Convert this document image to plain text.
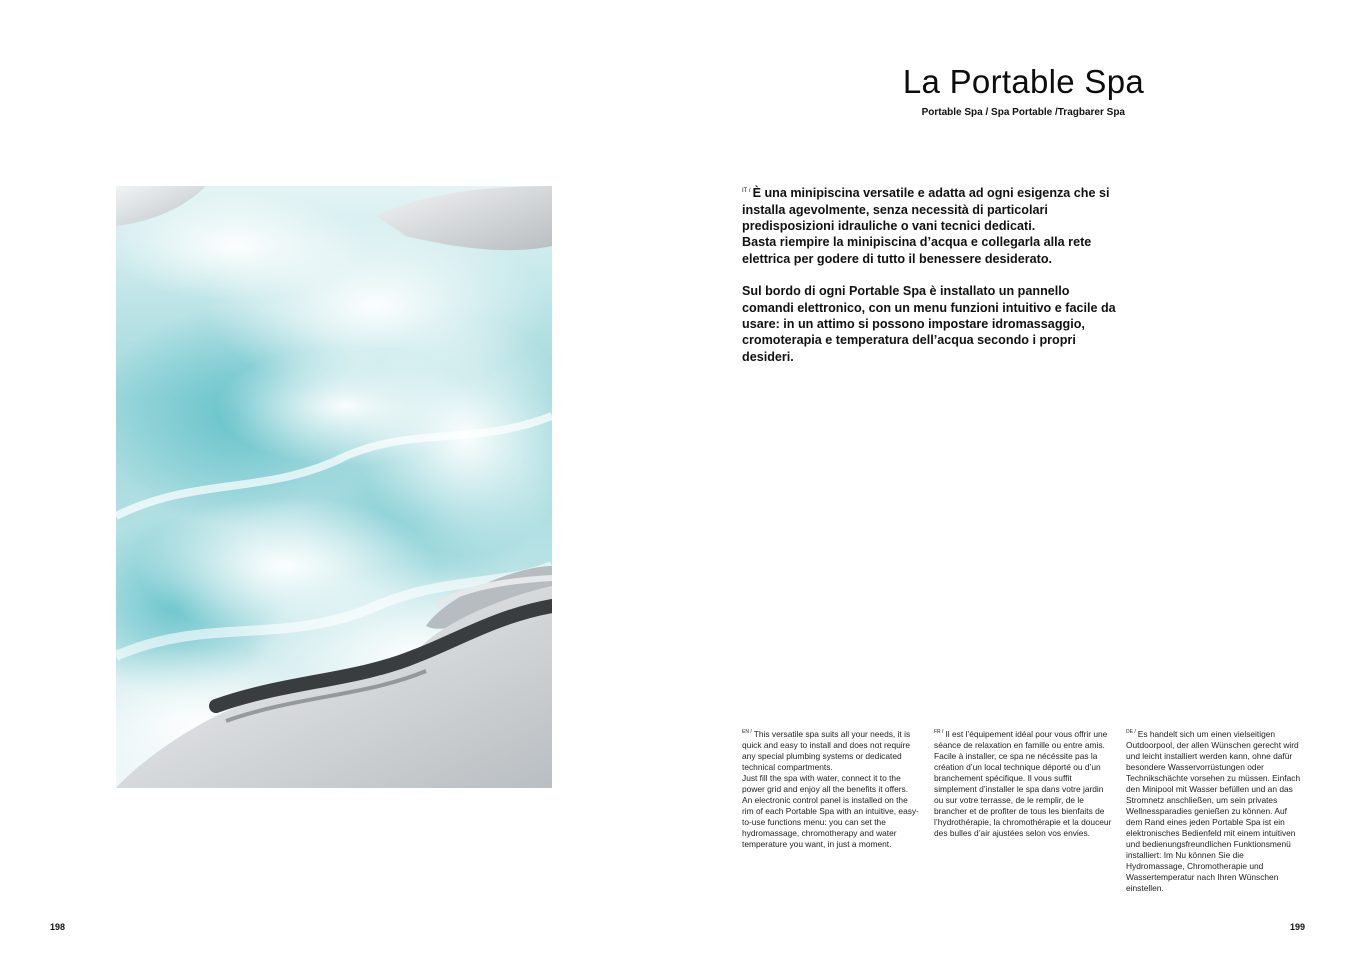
198
La Portable Spa
Portable Spa / Spa Portable /Tragbarer Spa

$^{IT /}$ È una minipiscina versatile e adatta ad ogni esigenza che si installa agevolmente, senza necessità di particolari predisposizioni idrauliche o vani tecnici dedicati.
Basta riempire la minipiscina d’acqua e collegarla alla rete elettrica per godere di tutto il benessere desiderato.

Sul bordo di ogni Portable Spa è installato un pannello comandi elettronico, con un menu funzioni intuitivo e facile da usare: in un attimo si possono impostare idromassaggio, cromoterapia e temperatura dell’acqua secondo i propri desideri.

$^{EN /}$ This versatile spa suits all your needs, it is quick and easy to install and does not require any special plumbing systems or dedicated technical compartments.

Just fill the spa with water, connect it to the power grid and enjoy all the benefits it offers.

An electronic control panel is installed on the rim of each Portable Spa with an intuitive, easy-to-use functions menu: you can set the hydromassage, chromotherapy and water temperature you want, in just a moment.

$^{FR /}$ Il est l’équipement idéal pour vous offrir une séance de relaxation en famille ou entre amis.

Facile à installer, ce spa ne nécéssite pas la création d’un local technique déporté ou d’un branchement spécifique. Il vous suffit simplement d’installer le spa dans votre jardin ou sur votre terrasse, de le remplir, de le brancher et de profiter de tous les bienfaits de l’hydrothérapie, la chromothérapie et la douceur des bulles d’air ajustées selon vos envies.

$^{DE /}$ Es handelt sich um einen vielseitigen Outdoorpool, der allen Wünschen gerecht wird und leicht installiert werden kann, ohne dafür besondere Wasservorrüstungen oder Technikschächte vorsehen zu müssen. Einfach den Minipool mit Wasser befüllen und an das Stromnetz anschließen, um sein privates Wellnessparadies genießen zu können. Auf dem Rand eines jeden Portable Spa ist ein elektronisches Bedienfeld mit einem intuitiven und bedienungsfreundlichen Funktionsmenü installiert: Im Nu können Sie die Hydromassage, Chromotherapie und Wassertemperatur nach Ihren Wünschen einstellen.

199
